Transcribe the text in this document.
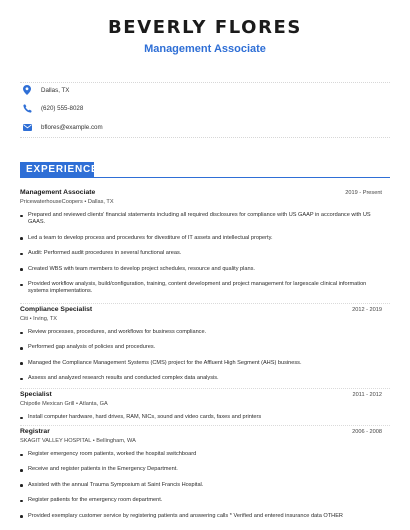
BEVERLY FLORES
Management Associate
Dallas, TX
(620) 555-8028
bflores@example.com
EXPERIENCE
Management Associate	2019 - Present
PricewaterhouseCoopers • Dallas, TX
Prepared and reviewed clients' financial statements including all required disclosures for compliance with US GAAP in accordance with US GAAS.
Led a team to develop process and procedures for divestiture of IT assets and intellectual property.
Audit: Performed audit procedures in several functional areas.
Created WBS with team members to develop project schedules, resource and quality plans.
Provided workflow analysis, build/configuration, training, content development and project management for largescale clinical information systems implementations.
Compliance Specialist	2012 - 2019
Citi • Irving, TX
Review processes, procedures, and workflows for business compliance.
Performed gap analysis of policies and procedures.
Managed the Compliance Management Systems (CMS) project for the Affluent High Segment (AHS) business.
Assess and analyzed research results and conducted complex data analysis.
Specialist	2011 - 2012
Chipotle Mexican Grill • Atlanta, GA
Install computer hardware, hard drives, RAM, NICs, sound and video cards, faxes and printers
Registrar	2006 - 2008
SKAGIT VALLEY HOSPITAL • Bellingham, WA
Register emergency room patients, worked the hospital switchboard
Receive and register patients in the Emergency Department.
Assisted with the annual Trauma Symposium at Saint Francis Hospital.
Register patients for the emergency room department.
Provided exemplary customer service by registering patients and answering calls * Verified and entered insurance data OTHER
